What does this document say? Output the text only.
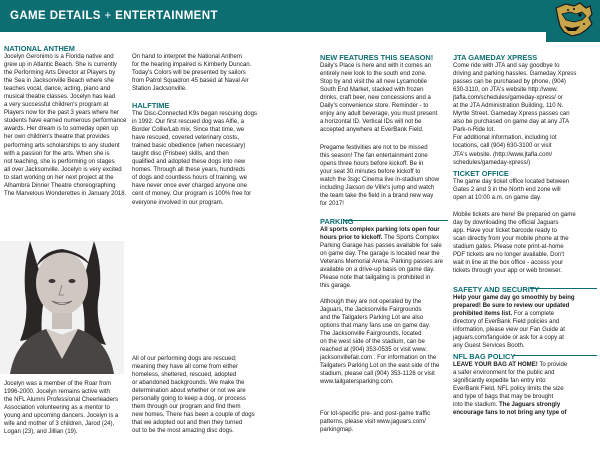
GAME DETAILS + ENTERTAINMENT
NATIONAL ANTHEM
Jocelyn Geronimo is a Florida native and
grew up in Atlantic Beach. She is currently
the Performing Arts Director at Players by
the Sea in Jacksonville Beach where she
teaches vocal, dance, acting, piano and
musical theatre classes. Jocelyn has lead
a very successful children's program at
Players now for the past 3 years where her
students have earned numerous performance
awards. Her dream is to someday open up
her own children's theatre that provides
performing arts scholarships to any student
with a passion for the arts. When she is
not teaching, she is performing on stages
all over Jacksonville. Jocelyn is very excited
to start working on her next project at the
Alhambra Dinner Theatre choreographing
The Marvelous Wonderettes in January 2018.
Jocelyn was a member of the Roar from
1996-2000. Jocelyn remains active with
the NFL Alumni Professional Cheerleaders
Association volunteering as a mentor to
young and upcoming dancers. Jocelyn is a
wife and mother of 3 children, Jarod (24),
Logan (23), and Jillian (19).
On hand to interpret the National Anthem
for the hearing impaired is Kimberly Duncan.
Today's Colors will be presented by sailors
from Patrol Squadron 45 based at Naval Air
Station Jacksonville.
HALFTIME
The Disc-Connected K9s began rescuing dogs
in 1992. Our first rescued dog was Alfie, a
Border Collie/Lab mix. Since that time, we
have rescued, covered veterinary costs,
trained basic obedience (when necessary)
taught disc (Frisbee) skills, and then
qualified and adopted these dogs into new
homes. Through all these years, hundreds
of dogs and countless hours of training, we
have never once ever charged anyone one
cent of money. Our program is 100% free for
everyone involved in our program.
All of our performing dogs are rescued;
meaning they have all come from either
homeless, sheltered, rescued, adopted
or abandoned backgrounds. We make the
determination about whether or not we are
personally going to keep a dog, or process
them through our program and find them
new homes. There has been a couple of dogs
that we adopted out and then they turned
out to be the most amazing disc dogs.
NEW FEATURES THIS SEASON!
Daily's Place is here and with it comes an
entirely new look to the south end zone.
Stop by and visit the all new Lycamobile
South End Market, stacked with frozen
drinks, craft beer, new concessions and a
Daily's convenience store. Reminder - to
enjoy any adult beverage, you must present
a horizontal ID. Vertical IDs will not be
accepted anywhere at EverBank Field.
Pregame festivities are not to be missed
this season! The fan entertainment zone
opens three hours before kickoff. Be in
your seat 30 minutes before kickoff to
watch the 3sgc Cinema live in-stadium show
including Jaxson de Ville's jump and watch
the team take the field in a brand new way
for 2017!
PARKING
All sports complex parking lots open four
hours prior to kickoff. The Sports Complex
Parking Garage has passes available for sale
on game day. The garage is located near the
Veterans Memorial Arena. Parking passes are
available on a drive-up basis on game day.
Please note that tailgating is prohibited in
this garage.
Although they are not operated by the
Jaguars, the Jacksonville Fairgrounds
and the Tailgaters Parking Lot are also
options that many fans use on game day.
The Jacksonville Fairgrounds, located
on the west side of the stadium, can be
reached at (904) 353-0535 or visit www.
jacksonvillefair.com . For information on the
Tailgaters Parking Lot on the east side of the
stadium, please call (904) 353-1126 or visit
www.tailgatersparking.com.
For lot-specific pre- and post-game traffic
patterns, please visit www.jaguars.com/
parkingmap.
JTA GAMEDAY XPRESS
Come ride with JTA and say goodbye to
driving and parking hassles. Gameday Xpress
passes can be purchased by phone, (904)
630-3110, on JTA's website http://www.
jtafla.com/schedules/gameday-xpress/ or
at the JTA Administration Building, 110 N.
Myrtle Street. Gameday Xpress passes can
also be purchased on game day at any JTA
Park-n-Ride lot.
For additional information, including lot
locations, call (904) 630-3100 or visit
JTA's website. (http://www.jtafla.com/
schedules/gameday-xpress/)
TICKET OFFICE
The game day ticket office located between
Gates 2 and 3 in the North end zone will
open at 10:00 a.m. on game day.
Mobile tickets are here! Be prepared on game
day by downloading the official Jaguars
app. Have your ticket barcode ready to
scan directly from your mobile phone at the
stadium gates. Please note print-at-home
PDF tickets are no longer available. Don't
wait in line at the box office - access your
tickets through your app or web browser.
SAFETY AND SECURITY
Help your game day go smoothly by being
prepared! Be sure to review our updated
prohibited items list. For a complete
directory of EverBank Field policies and
information, please view our Fan Guide at
jaguars.com/fanguide or ask for a copy at
any Guest Services Booth.
NFL BAG POLICY
LEAVE YOUR BAG AT HOME! To provide
a safer environment for the public and
significantly expedite fan entry into
EverBank Field, NFL policy limits the size
and type of bags that may be brought
into the stadium. The Jaguars strongly
encourage fans to not bring any type of
